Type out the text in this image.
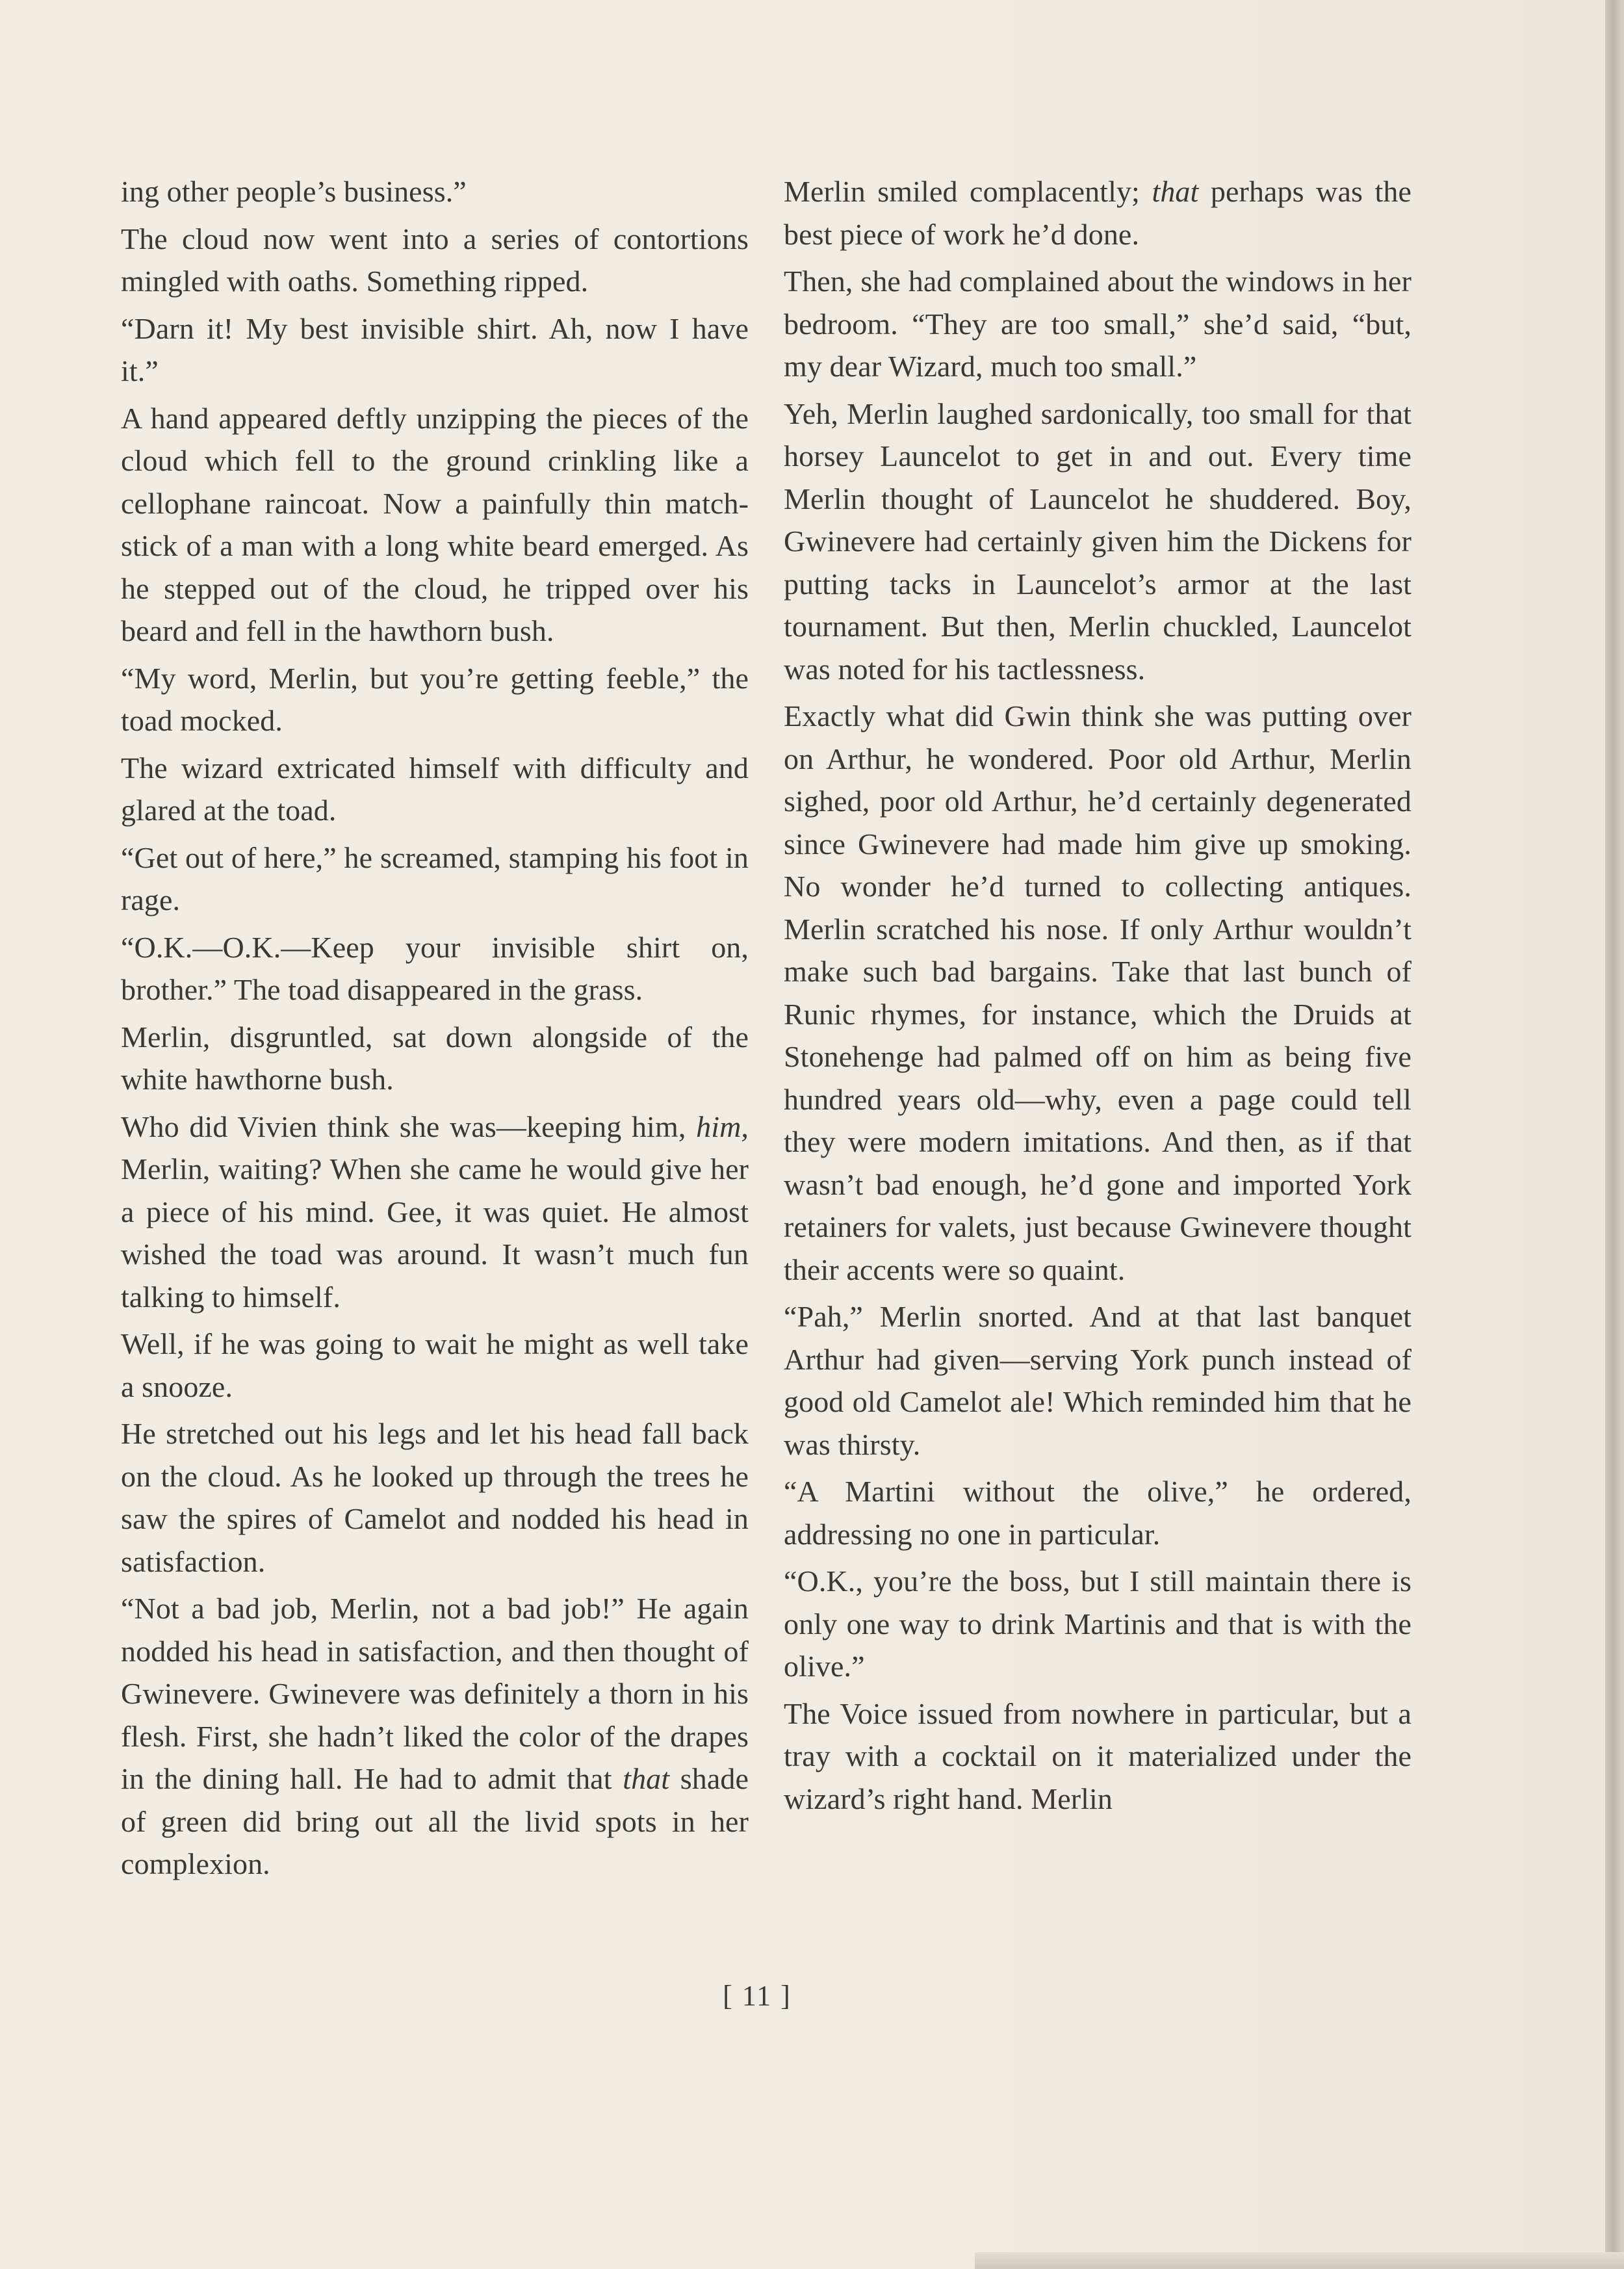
ing other people’s business.”

The cloud now went into a series of contortions mingled with oaths. Something ripped.

“Darn it! My best invisible shirt. Ah, now I have it.”

A hand appeared deftly unzipping the pieces of the cloud which fell to the ground crinkling like a cellophane raincoat. Now a painfully thin match-stick of a man with a long white beard emerged. As he stepped out of the cloud, he tripped over his beard and fell in the hawthorn bush.

“My word, Merlin, but you’re getting feeble,” the toad mocked.

The wizard extricated himself with difficulty and glared at the toad.

“Get out of here,” he screamed, stamping his foot in rage.

“O.K.—O.K.—Keep your invisible shirt on, brother.” The toad disappeared in the grass.

Merlin, disgruntled, sat down alongside of the white hawthorne bush.

Who did Vivien think she was—keeping him, him, Merlin, waiting? When she came he would give her a piece of his mind. Gee, it was quiet. He almost wished the toad was around. It wasn’t much fun talking to himself.

Well, if he was going to wait he might as well take a snooze.

He stretched out his legs and let his head fall back on the cloud. As he looked up through the trees he saw the spires of Camelot and nodded his head in satisfaction.

“Not a bad job, Merlin, not a bad job!” He again nodded his head in satisfaction, and then thought of Gwinevere. Gwinevere was definitely a thorn in his flesh. First, she hadn’t liked the color of the drapes in the dining hall. He had to admit that that shade of green did bring out all the livid spots in her complexion.

Merlin smiled complacently; that perhaps was the best piece of work he’d done.

Then, she had complained about the windows in her bedroom. “They are too small,” she’d said, “but, my dear Wizard, much too small.”

Yeh, Merlin laughed sardonically, too small for that horsey Launcelot to get in and out. Every time Merlin thought of Launcelot he shuddered. Boy, Gwinevere had certainly given him the Dickens for putting tacks in Launcelot’s armor at the last tournament. But then, Merlin chuckled, Launcelot was noted for his tactlessness.

Exactly what did Gwin think she was putting over on Arthur, he wondered. Poor old Arthur, Merlin sighed, poor old Arthur, he’d certainly degenerated since Gwinevere had made him give up smoking. No wonder he’d turned to collecting antiques. Merlin scratched his nose. If only Arthur wouldn’t make such bad bargains. Take that last bunch of Runic rhymes, for instance, which the Druids at Stonehenge had palmed off on him as being five hundred years old—why, even a page could tell they were modern imitations. And then, as if that wasn’t bad enough, he’d gone and imported York retainers for valets, just because Gwinevere thought their accents were so quaint.

“Pah,” Merlin snorted. And at that last banquet Arthur had given—serving York punch instead of good old Camelot ale! Which reminded him that he was thirsty.

“A Martini without the olive,” he ordered, addressing no one in particular.

“O.K., you’re the boss, but I still maintain there is only one way to drink Martinis and that is with the olive.”

The Voice issued from nowhere in particular, but a tray with a cocktail on it materialized under the wizard’s right hand. Merlin

[ 11 ]
